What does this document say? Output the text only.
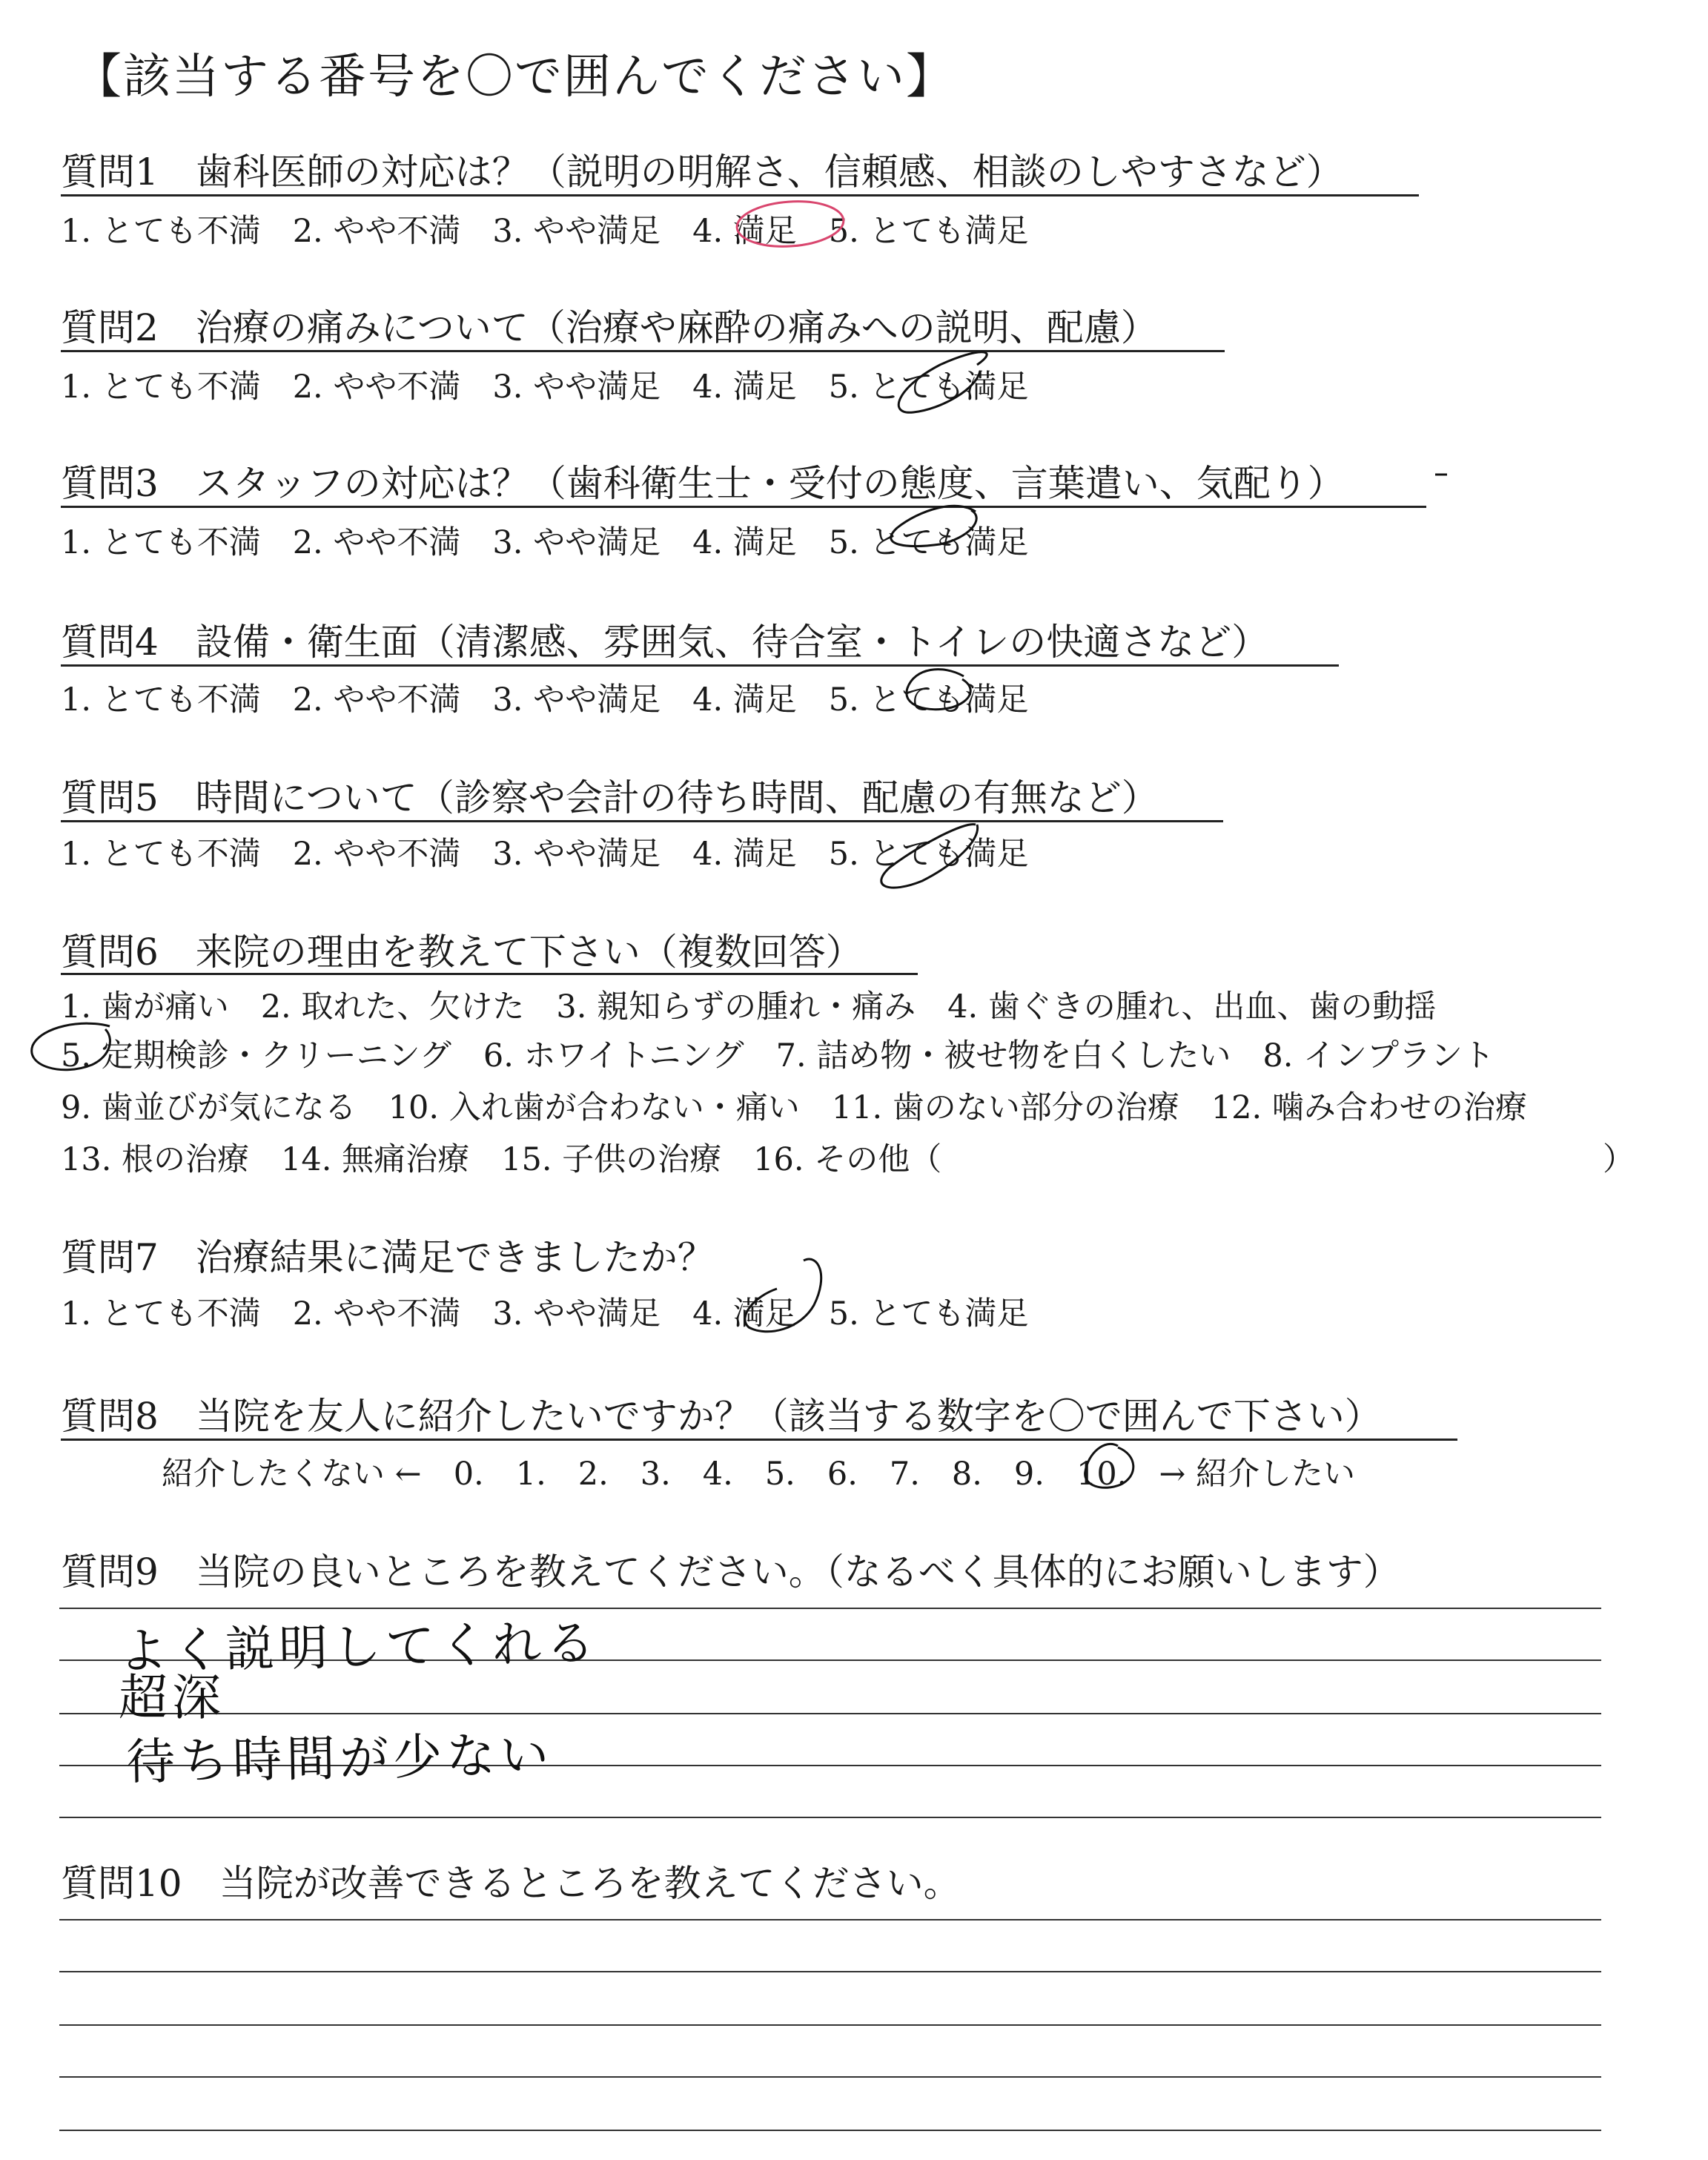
【該当する番号を〇で囲んでください】
質問1　歯科医師の対応は？（説明の明解さ、信頼感、相談のしやすさなど）
1. とても不満　2. やや不満　3. やや満足　4. 満足　5. とても満足
質問2　治療の痛みについて（治療や麻酔の痛みへの説明、配慮）
1. とても不満　2. やや不満　3. やや満足　4. 満足　5. とても満足
質問3　スタッフの対応は？（歯科衛生士・受付の態度、言葉遣い、気配り）
1. とても不満　2. やや不満　3. やや満足　4. 満足　5. とても満足
質問4　設備・衛生面（清潔感、雰囲気、待合室・トイレの快適さなど）
1. とても不満　2. やや不満　3. やや満足　4. 満足　5. とても満足
質問5　時間について（診察や会計の待ち時間、配慮の有無など）
1. とても不満　2. やや不満　3. やや満足　4. 満足　5. とても満足
質問6　来院の理由を教えて下さい（複数回答）
1. 歯が痛い　2. 取れた、欠けた　3. 親知らずの腫れ・痛み　4. 歯ぐきの腫れ、出血、歯の動揺
5. 定期検診・クリーニング　6. ホワイトニング　7. 詰め物・被せ物を白くしたい　8. インプラント
9. 歯並びが気になる　10. 入れ歯が合わない・痛い　11. 歯のない部分の治療　12. 噛み合わせの治療
13. 根の治療　14. 無痛治療　15. 子供の治療　16. その他（	）
質問7　治療結果に満足できましたか？
1. とても不満　2. やや不満　3. やや満足　4. 満足　5. とても満足
質問8　当院を友人に紹介したいですか？（該当する数字を〇で囲んで下さい）
紹介したくない ←　0.　1.　2.　3.　4.　5.　6.　7.　8.　9.　10.　→ 紹介したい
質問9　当院の良いところを教えてください。（なるべく具体的にお願いします）
よく説明してくれる
超深
待ち時間が少ない
質問10　当院が改善できるところを教えてください。
